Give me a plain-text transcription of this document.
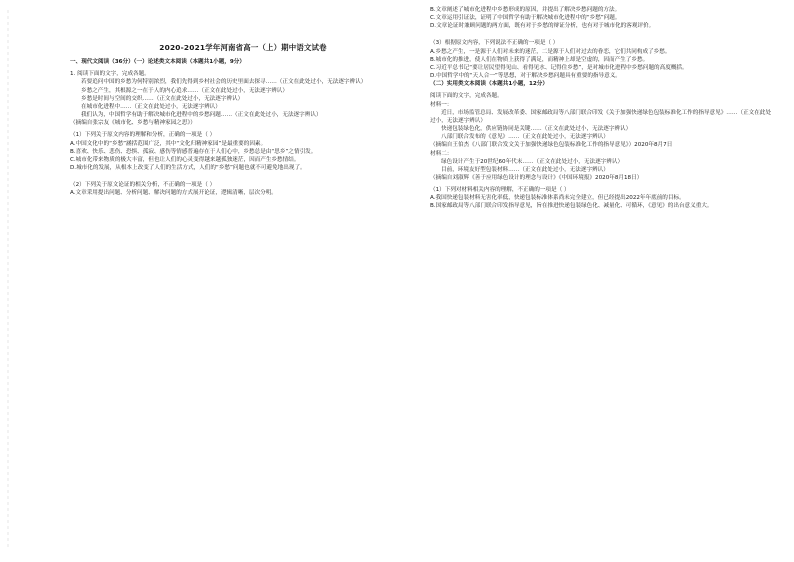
2020-2021学年河南省高一（上）期中语文试卷
一、现代文阅读（36分）（一）论述类文本阅读（本题共1小题，9分）
1. 阅读下面的文字，完成各题。
若要追问中国的乡愁为何特别浓烈，我们先得到乡村社会的历史里面去探寻……（正文在此处过小，无法逐字辨认）
乡愁之产生，其根源之一在于人的内心追求……（正文在此处过小，无法逐字辨认）
乡愁是时间与空间的交织……（正文在此处过小，无法逐字辨认）
在城市化进程中……（正文在此处过小，无法逐字辨认）
我们认为，中国哲学有助于解决城市化进程中的乡愁问题……（正文在此处过小，无法逐字辨认）
（摘编自张宗友《城市化、乡愁与精神家园之思》）
（1）下列关于原文内容的理解和分析，正确的一项是（ ）
A.中国文化中的“乡愁”涵括范围广泛，其中“文化归精神家园”是最重要的因素。
B.喜欢、快乐、悲伤、恐惧、孤寂、感伤等情感普遍存在于人们心中，乡愁总是由“思乡”之情引发。
C.城市化带来物质的极大丰富，但也让人们的心灵变得越来越孤独迷茫，因而产生乡愁情结。
D.城市化的发展，从根本上改变了人们的生活方式，人们的“乡愁”问题也就不可避免地出现了。
（2）下列关于原文论证的相关分析，不正确的一项是（ ）
A.文章采用提出问题、分析问题、解决问题的方式展开论证，逻辑清晰，层次分明。
B.文章阐述了城市化进程中乡愁形成的原因，并提出了解决乡愁问题的方法。
C.文章运用引证法，证明了中国哲学有助于解决城市化进程中的“乡愁”问题。
D.文章论证时兼顾问题的两方面，既有对于乡愁的辩证分析，也有对于城市化的客观评价。
（3）根据原文内容，下列说法不正确的一项是（ ）
A.乡愁之产生，一是源于人们对未来的迷茫，二是源于人们对过去的眷恋，它们共同构成了乡愁。
B.城市化的推进，使人们在物质上获得了满足，而精神上却是空虚的，因而产生了乡愁。
C.习近平总书记“要让居民望得见山、看得见水、记得住乡愁”，是对城市化进程中乡愁问题的高度概括。
D.中国哲学中的“天人合一”等思想，对于解决乡愁问题具有重要的指导意义。
（二）实用类文本阅读（本题共1小题，12分）
阅读下面的文字，完成各题。
材料一：
近日，市场监管总局、发展改革委、国家邮政局等八部门联合印发《关于加强快递绿色包装标准化工作的指导意见》……（正文在此处过小，无法逐字辨认）
快递包装绿色化，供应链协同是关键……（正文在此处过小，无法逐字辨认）
八部门联合发布的《意见》……（正文在此处过小，无法逐字辨认）
（摘编自王伯杰《八部门联合发文关于加强快递绿色包装标准化工作的指导意见》）2020年8月7日
材料二：
绿色设计产生于20世纪60年代末……（正文在此处过小，无法逐字辨认）
目前，环境友好型包装材料……（正文在此处过小，无法逐字辨认）
（摘编自刘淑辉《善于应用绿色设计的理念与设计》《中国环境报》2020年8月18日）
（1）下列对材料相关内容的理解，不正确的一项是（ ）
A.我国快递包装材料无害化率低，快递包装标准体系尚未完全建立，但已经提出2022年年底前的目标。
B.国家邮政局等八部门联合印发指导意见，旨在推进快递包装绿色化、减量化、可循环，《意见》的出台意义重大。
